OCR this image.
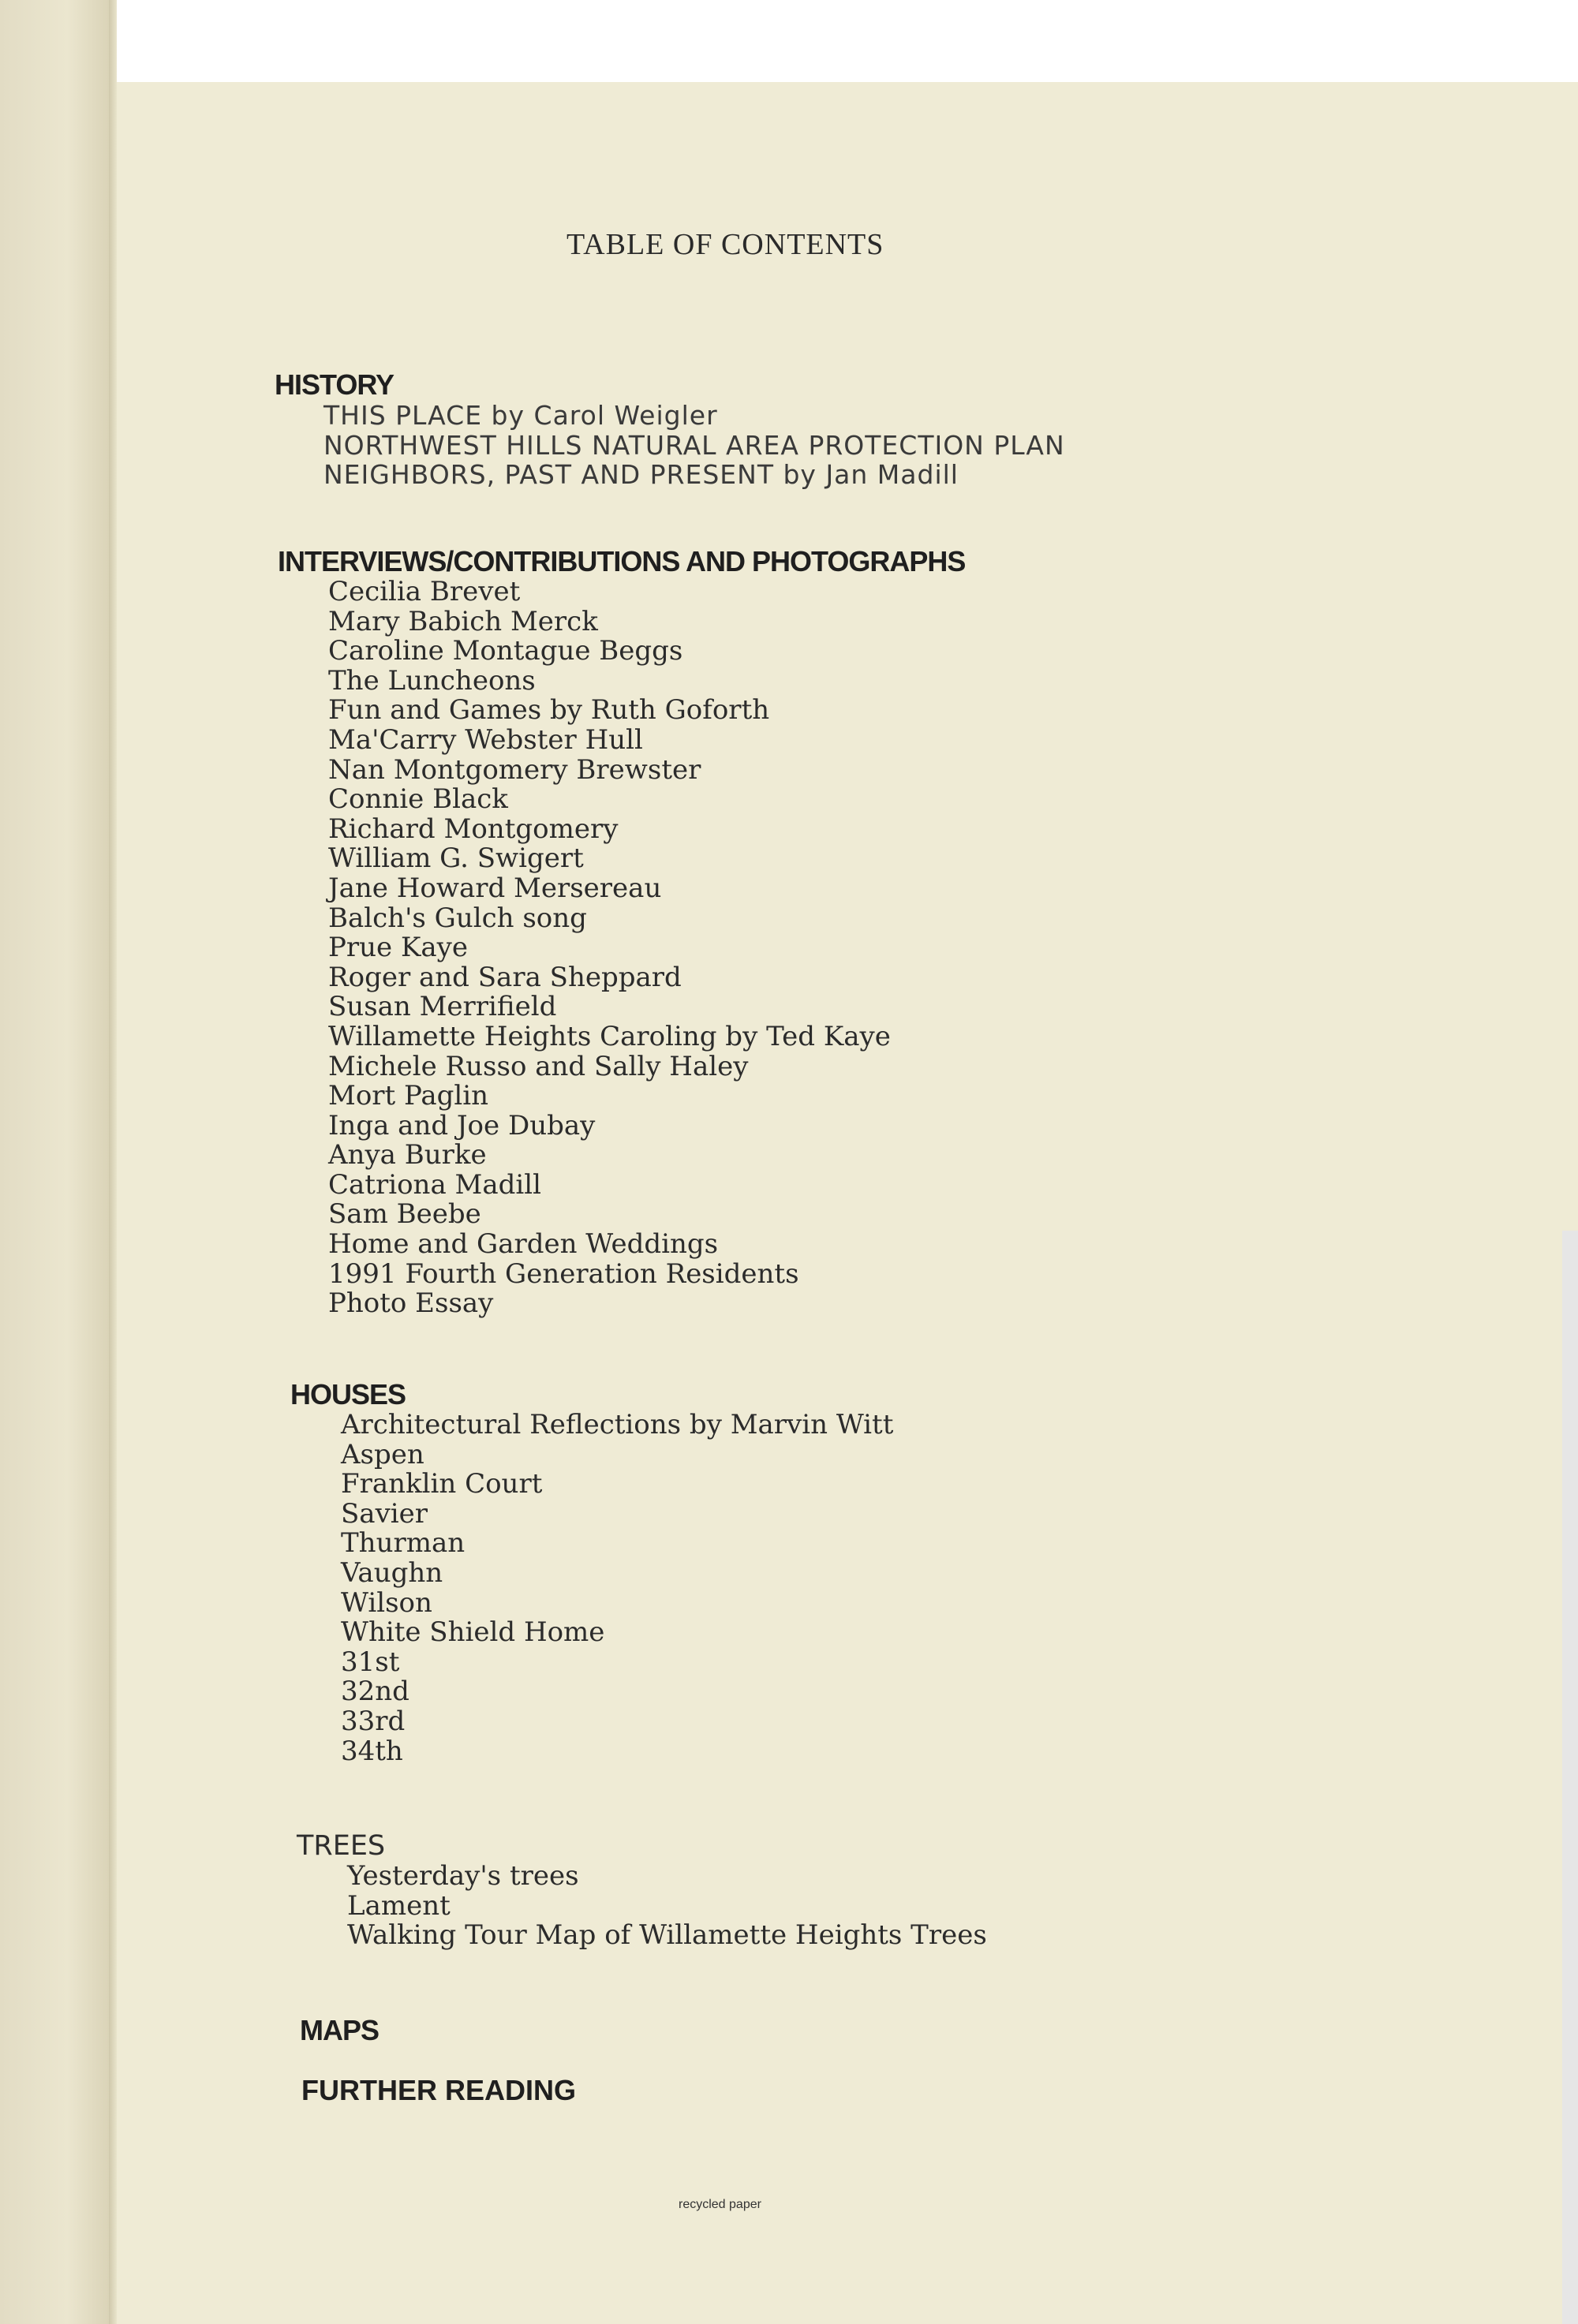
TABLE OF CONTENTS
HISTORY
THIS PLACE by Carol Weigler
NORTHWEST HILLS NATURAL AREA PROTECTION PLAN
NEIGHBORS, PAST AND PRESENT by Jan Madill
INTERVIEWS/CONTRIBUTIONS AND PHOTOGRAPHS
Cecilia Brevet
Mary Babich Merck
Caroline Montague Beggs
The Luncheons
Fun and Games by Ruth Goforth
Ma'Carry Webster Hull
Nan Montgomery Brewster
Connie Black
Richard Montgomery
William G. Swigert
Jane Howard Mersereau
Balch's Gulch song
Prue Kaye
Roger and Sara Sheppard
Susan Merrifield
Willamette Heights Caroling by Ted Kaye
Michele Russo and Sally Haley
Mort Paglin
Inga and Joe Dubay
Anya Burke
Catriona Madill
Sam Beebe
Home and Garden Weddings
1991 Fourth Generation Residents
Photo Essay
HOUSES
Architectural Reflections by Marvin Witt
Aspen
Franklin Court
Savier
Thurman
Vaughn
Wilson
White Shield Home
31st
32nd
33rd
34th
TREES
Yesterday's trees
Lament
Walking Tour Map of Willamette Heights Trees
MAPS
FURTHER READING
recycled paper
